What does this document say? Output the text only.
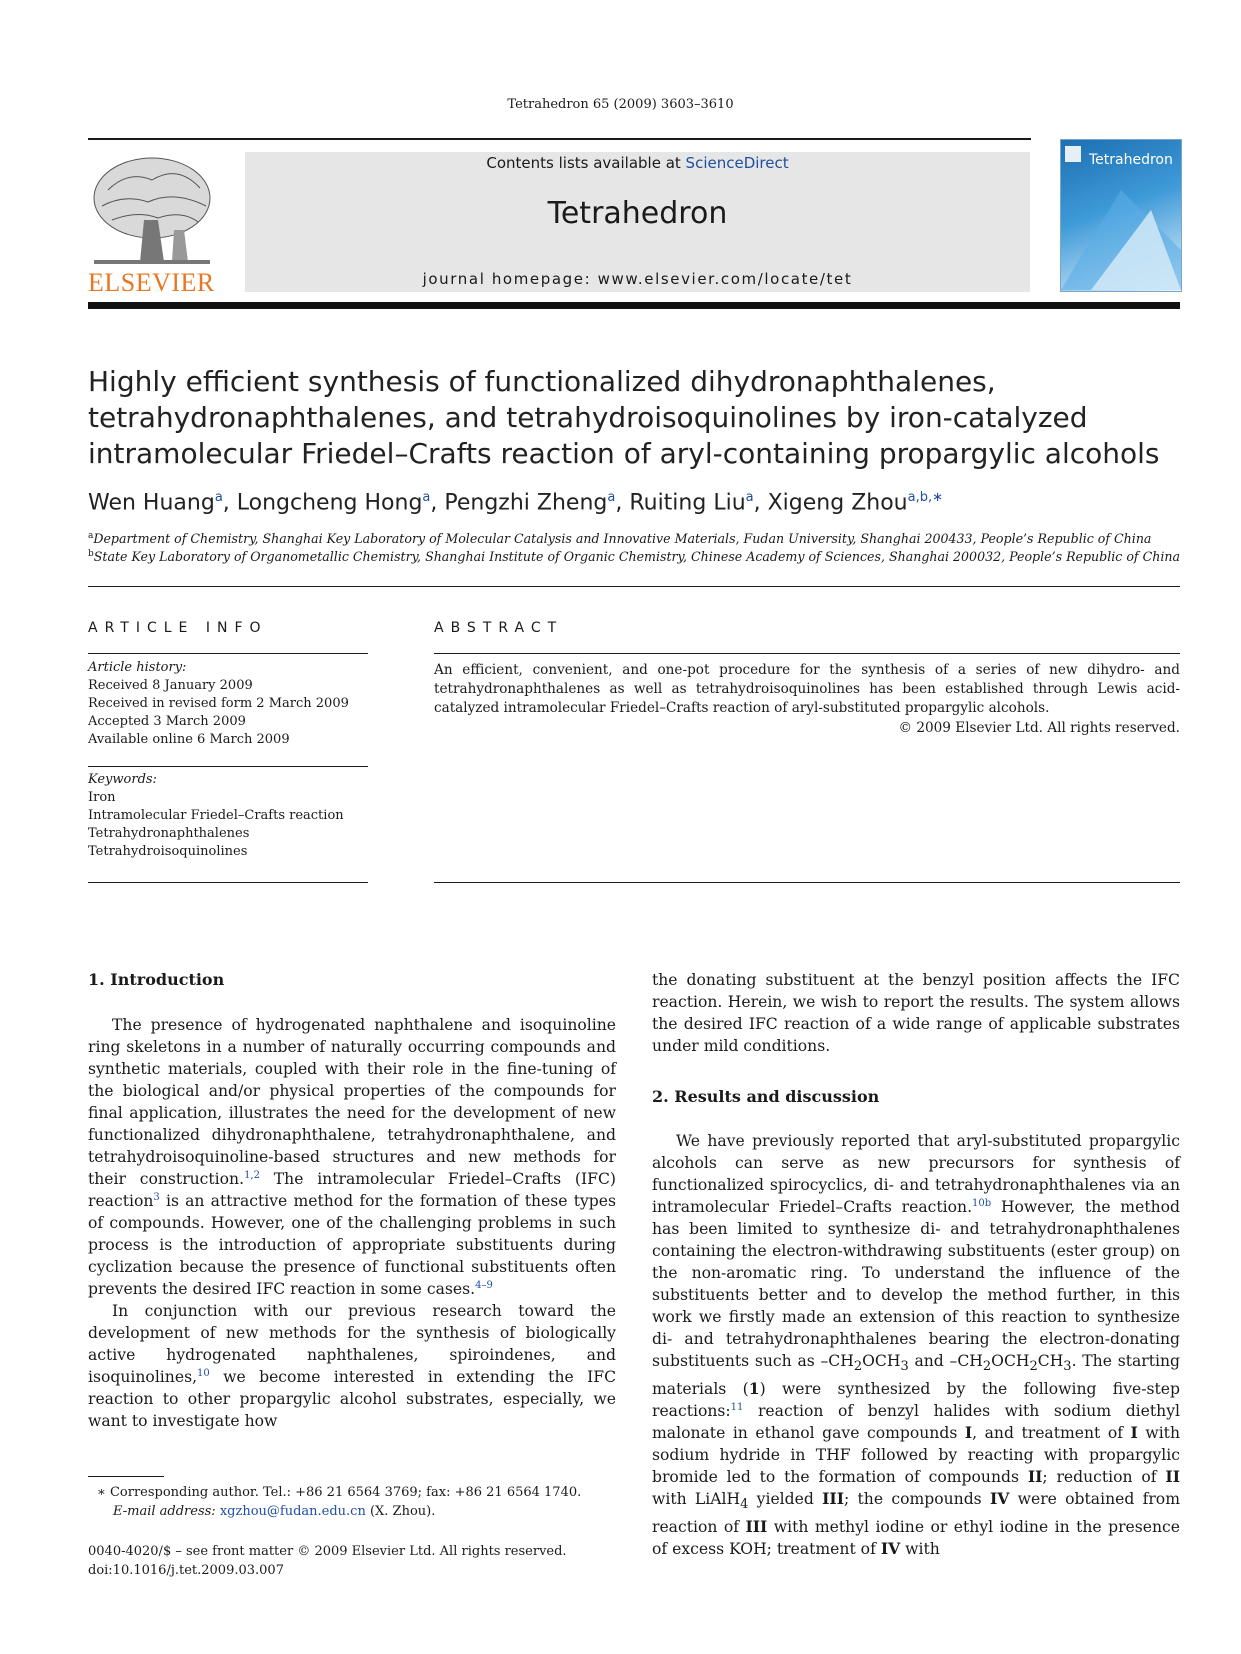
Tetrahedron 65 (2009) 3603–3610
ELSEVIER
Contents lists available at ScienceDirect
Tetrahedron
journal homepage: www.elsevier.com/locate/tet
Tetrahedron
Highly efficient synthesis of functionalized dihydronaphthalenes,
tetrahydronaphthalenes, and tetrahydroisoquinolines by iron-catalyzed
intramolecular Friedel–Crafts reaction of aryl-containing propargylic alcohols
Wen Huang$^a$, Longcheng Hong$^a$, Pengzhi Zheng$^a$, Ruiting Liu$^a$, Xigeng Zhou$^{a,b,∗}$
$^a$Department of Chemistry, Shanghai Key Laboratory of Molecular Catalysis and Innovative Materials, Fudan University, Shanghai 200433, People’s Republic of China
$^b$State Key Laboratory of Organometallic Chemistry, Shanghai Institute of Organic Chemistry, Chinese Academy of Sciences, Shanghai 200032, People’s Republic of China
ARTICLE INFO
Article history:
Received 8 January 2009
Received in revised form 2 March 2009
Accepted 3 March 2009
Available online 6 March 2009
Keywords:
Iron
Intramolecular Friedel–Crafts reaction
Tetrahydronaphthalenes
Tetrahydroisoquinolines
ABSTRACT
An efficient, convenient, and one-pot procedure for the synthesis of a series of new dihydro- and tetrahydronaphthalenes as well as tetrahydroisoquinolines has been established through Lewis acid-catalyzed intramolecular Friedel–Crafts reaction of aryl-substituted propargylic alcohols.
© 2009 Elsevier Ltd. All rights reserved.
1. Introduction

The presence of hydrogenated naphthalene and isoquinoline ring skeletons in a number of naturally occurring compounds and synthetic materials, coupled with their role in the fine-tuning of the biological and/or physical properties of the compounds for final application, illustrates the need for the development of new functionalized dihydronaphthalene, tetrahydronaphthalene, and tetrahydroisoquinoline-based structures and new methods for their construction.$^{1,2}$ The intramolecular Friedel–Crafts (IFC) reaction$^3$ is an attractive method for the formation of these types of compounds. However, one of the challenging problems in such process is the introduction of appropriate substituents during cyclization because the presence of functional substituents often prevents the desired IFC reaction in some cases.$^{4-9}$

In conjunction with our previous research toward the development of new methods for the synthesis of biologically active hydrogenated naphthalenes, spiroindenes, and isoquinolines,$^{10}$ we become interested in extending the IFC reaction to other propargylic alcohol substrates, especially, we want to investigate how

the donating substituent at the benzyl position affects the IFC reaction. Herein, we wish to report the results. The system allows the desired IFC reaction of a wide range of applicable substrates under mild conditions.

2. Results and discussion

We have previously reported that aryl-substituted propargylic alcohols can serve as new precursors for synthesis of functionalized spirocyclics, di- and tetrahydronaphthalenes via an intramolecular Friedel–Crafts reaction.$^{10b}$ However, the method has been limited to synthesize di- and tetrahydronaphthalenes containing the electron-withdrawing substituents (ester group) on the non-aromatic ring. To understand the influence of the substituents better and to develop the method further, in this work we firstly made an extension of this reaction to synthesize di- and tetrahydronaphthalenes bearing the electron-donating substituents such as $-CH_2OCH_3$ and $-CH_2OCH_2CH_3$. The starting materials (1) were synthesized by the following five-step reactions:$^{11}$ reaction of benzyl halides with sodium diethyl malonate in ethanol gave compounds I, and treatment of I with sodium hydride in THF followed by reacting with propargylic bromide led to the formation of compounds II; reduction of II with LiAlH$_4$ yielded III; the compounds IV were obtained from reaction of III with methyl iodine or ethyl iodine in the presence of excess KOH; treatment of IV with

∗ Corresponding author. Tel.: +86 21 6564 3769; fax: +86 21 6564 1740.
E-mail address: xgzhou@fudan.edu.cn (X. Zhou).
0040-4020/$ – see front matter © 2009 Elsevier Ltd. All rights reserved.
doi:10.1016/j.tet.2009.03.007
